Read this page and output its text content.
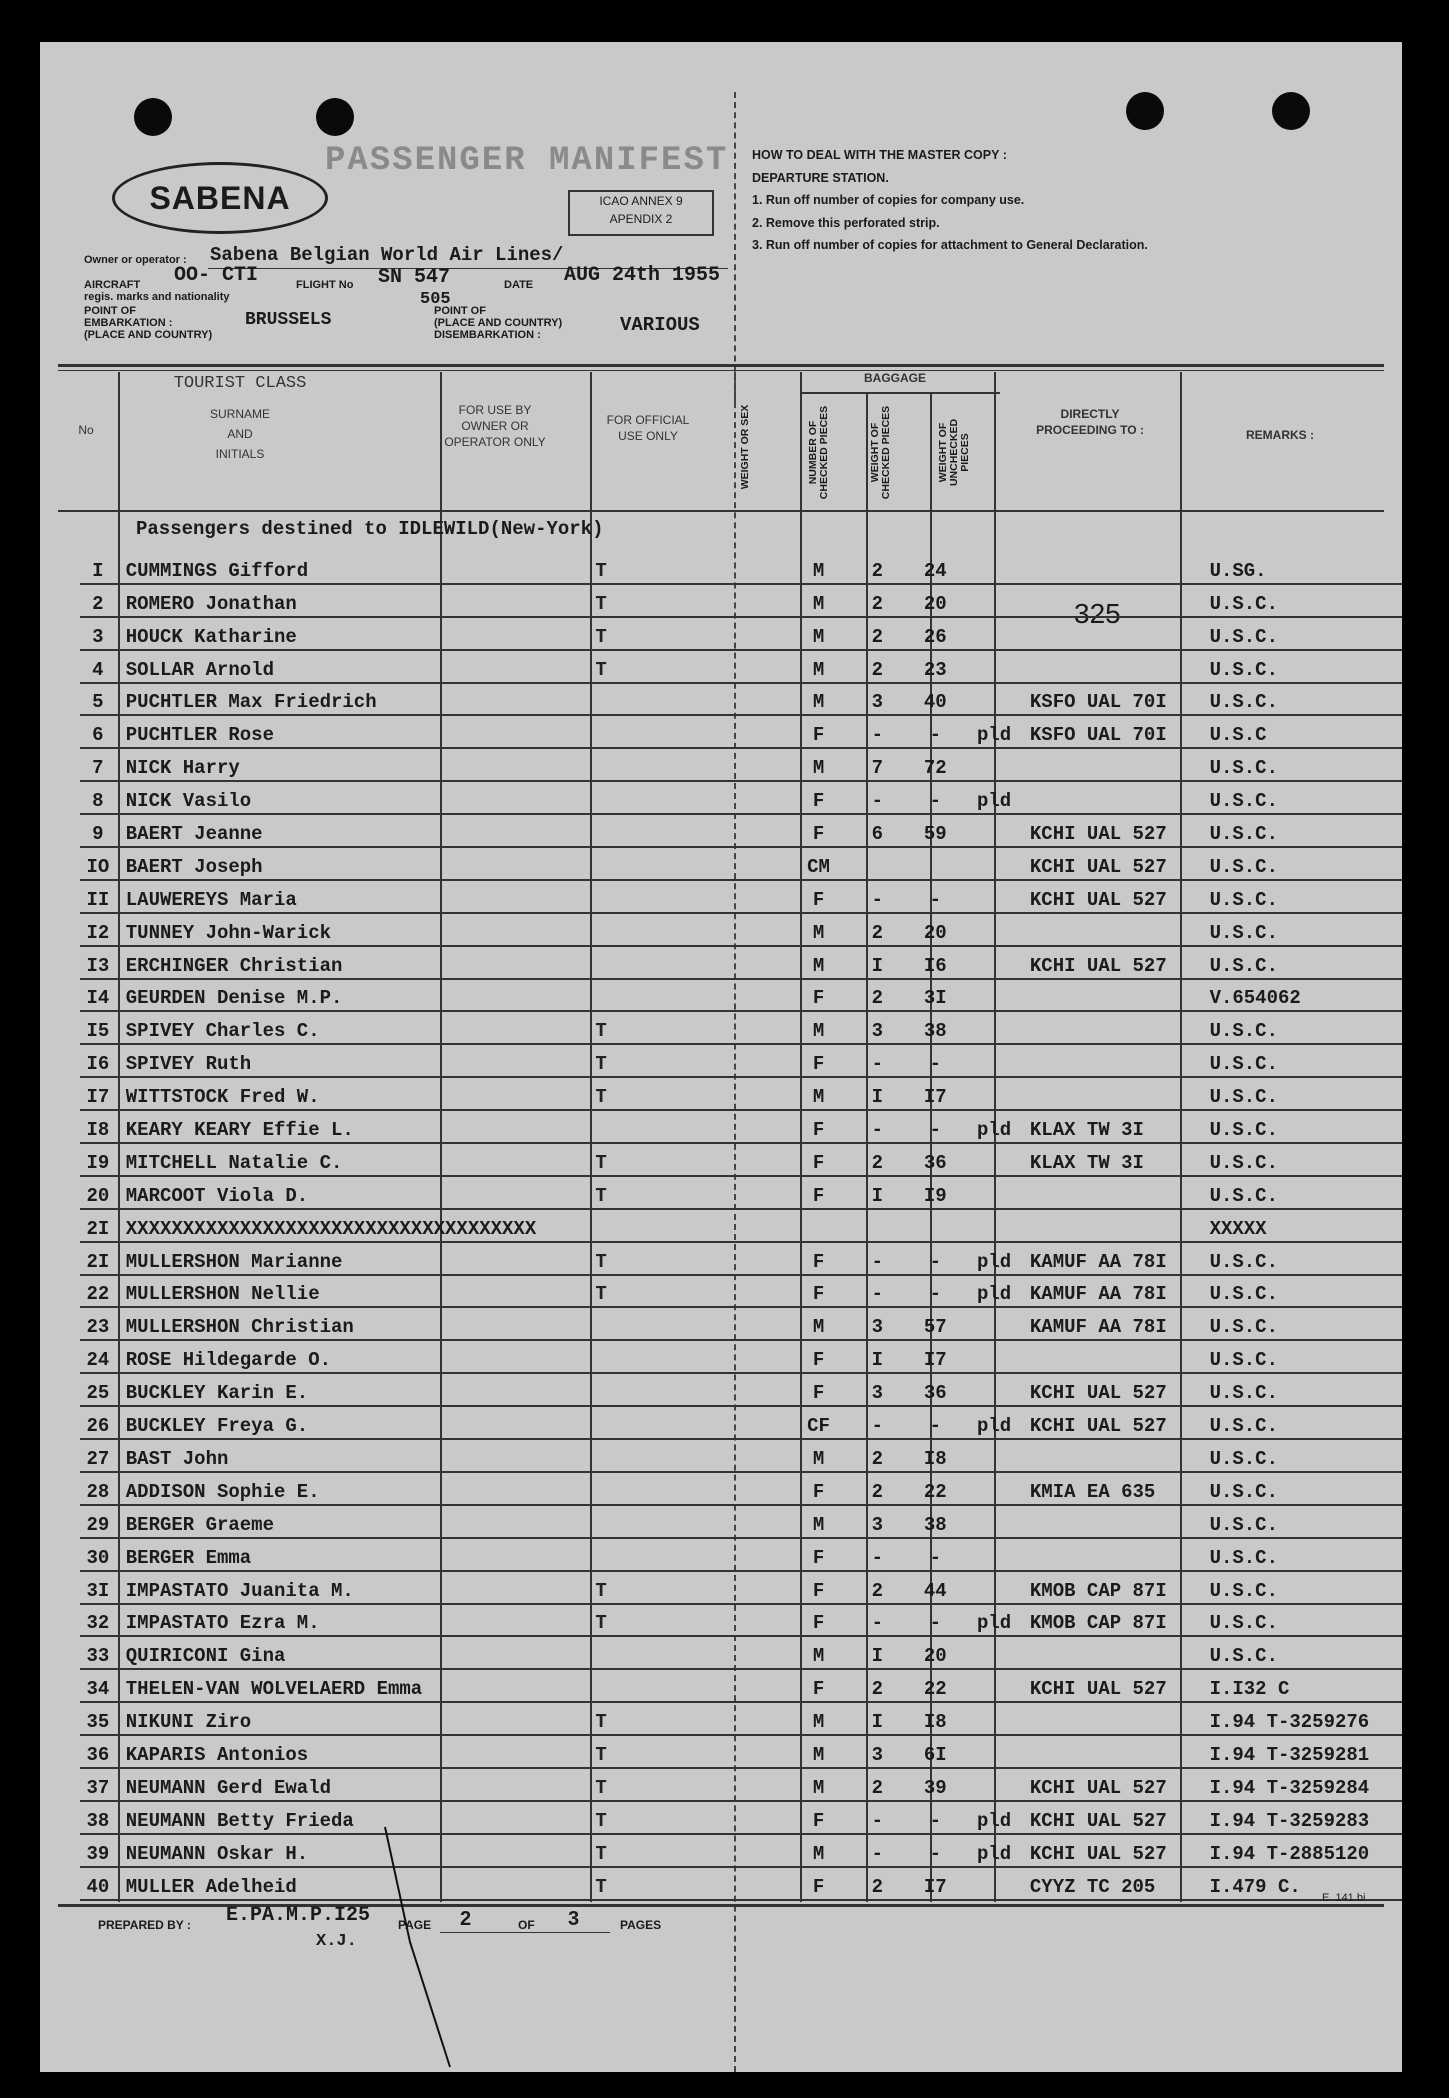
SABENA
PASSENGER MANIFEST
ICAO ANNEX 9
APENDIX 2
HOW TO DEAL WITH THE MASTER COPY :
DEPARTURE STATION.
1. Run off number of copies for company use.
2. Remove this perforated strip.
3. Run off number of copies for attachment to General Declaration.
Owner or operator : Sabena Belgian World Air Lines/
AIRCRAFT
regis. marks and nationality
OO- CTI	FLIGHT No SN 547
505
DATE AUG 24th 1955
POINT OF
EMBARKATION :
(PLACE AND COUNTRY)
BRUSSELS	POINT OF
(PLACE AND COUNTRY)
DISEMBARKATION :	VARIOUS
No
TOURIST CLASS
SURNAME
AND
INITIALS
FOR USE BY OWNER OR OPERATOR ONLY
FOR OFFICIAL USE ONLY	WEIGHT OR SEX
BAGGAGE
NUMBER OF CHECKED PIECES	WEIGHT OF CHECKED PIECES	WEIGHT OF UNCHECKED PIECES
DIRECTLY PROCEEDING TO :	REMARKS :
Passengers destined to IDLEWILD(New-York)
325
I	CUMMINGS Gifford	T		M	2	24			U.SG.
2	ROMERO Jonathan	T		M	2	20			U.S.C.
3	HOUCK Katharine	T		M	2	26			U.S.C.
4	SOLLAR Arnold	T		M	2	23			U.S.C.
5	PUCHTLER Max Friedrich			M	3	40		KSFO UAL 70I	U.S.C.
6	PUCHTLER Rose			F	-	-	pld	KSFO UAL 70I	U.S.C
7	NICK Harry			M	7	72			U.S.C.
8	NICK Vasilo			F	-	-	pld		U.S.C.
9	BAERT Jeanne			F	6	59		KCHI UAL 527	U.S.C.
IO	BAERT Joseph			CM				KCHI UAL 527	U.S.C.
II	LAUWEREYS Maria			F	-	-		KCHI UAL 527	U.S.C.
I2	TUNNEY John-Warick			M	2	20			U.S.C.
I3	ERCHINGER Christian			M	I	I6		KCHI UAL 527	U.S.C.
I4	GEURDEN Denise M.P.			F	2	3I			V.654062
I5	SPIVEY Charles C.	T		M	3	38			U.S.C.
I6	SPIVEY Ruth	T		F	-	-			U.S.C.
I7	WITTSTOCK Fred W.	T		M	I	I7			U.S.C.
I8	KEARY KEARY Effie L.			F	-	-	pld	KLAX TW 3I	U.S.C.
I9	MITCHELL Natalie C.	T		F	2	36		KLAX TW 3I	U.S.C.
20	MARCOOT Viola D.	T		F	I	I9			U.S.C.
2I	XXXXXXXXXXXXXXXXXXXXXXXXXXXXXXXXXXXX								XXXXX
2I	MULLERSHON Marianne	T		F	-	-	pld	KAMUF AA 78I	U.S.C.
22	MULLERSHON Nellie	T		F	-	-	pld	KAMUF AA 78I	U.S.C.
23	MULLERSHON Christian			M	3	57		KAMUF AA 78I	U.S.C.
24	ROSE Hildegarde O.			F	I	I7			U.S.C.
25	BUCKLEY Karin E.			F	3	36		KCHI UAL 527	U.S.C.
26	BUCKLEY Freya G.			CF	-	-	pld	KCHI UAL 527	U.S.C.
27	BAST John			M	2	I8			U.S.C.
28	ADDISON Sophie E.			F	2	22		KMIA EA 635	U.S.C.
29	BERGER Graeme			M	3	38			U.S.C.
30	BERGER Emma			F	-	-			U.S.C.
3I	IMPASTATO Juanita M.	T		F	2	44		KMOB CAP 87I	U.S.C.
32	IMPASTATO Ezra M.	T		F	-	-	pld	KMOB CAP 87I	U.S.C.
33	QUIRICONI Gina			M	I	20			U.S.C.
34	THELEN-VAN WOLVELAERD Emma			F	2	22		KCHI UAL 527	I.I32 C
35	NIKUNI Ziro	T		M	I	I8			I.94 T-3259276
36	KAPARIS Antonios	T		M	3	6I			I.94 T-3259281
37	NEUMANN Gerd Ewald	T		M	2	39		KCHI UAL 527	I.94 T-3259284
38	NEUMANN Betty Frieda	T		F	-	-	pld	KCHI UAL 527	I.94 T-3259283
39	NEUMANN Oskar H.	T		M	-	-	pld	KCHI UAL 527	I.94 T-2885120
40	MULLER Adelheid	T		F	2	I7		CYYZ TC 205	I.479 C.
PREPARED BY : E.PA.M.P.I25
X.J.
PAGE 2	OF 3	PAGES
E. 141 bi
